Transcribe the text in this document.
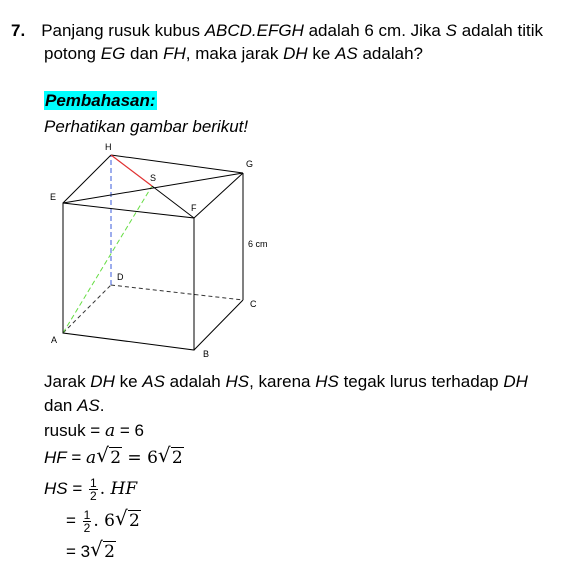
7. Panjang rusuk kubus ABCD.EFGH adalah 6 cm. Jika S adalah titik
potong EG dan FH, maka jarak DH ke AS adalah?
Pembahasan:
Perhatikan gambar berikut!
H
G
S
E
F
D
C
A
B
6 cm
Jarak DH ke AS adalah HS, karena HS tegak lurus terhadap DH
dan AS.
rusuk = a = 6
HF = a √ 2 = 6 √ 2
HS = $\frac{1}{2}$ . HF
= $\frac{1}{2}$ . 6 √ 2
= 3 √ 2
